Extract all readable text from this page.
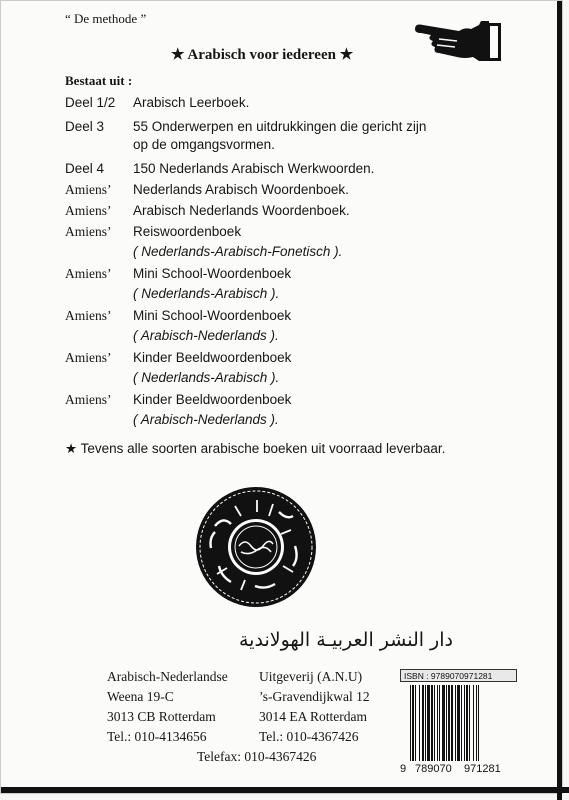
“ De methode ”
★ Arabisch voor iedereen ★
Bestaat uit :
Deel 1/2 Arabisch Leerboek.
Deel 3 55 Onderwerpen en uitdrukkingen die gericht zijn
op de omgangsvormen.
Deel 4 150 Nederlands Arabisch Werkwoorden.
Amiens’ Nederlands Arabisch Woordenboek.
Amiens’ Arabisch Nederlands Woordenboek.
Amiens’ Reiswoordenboek
( Nederlands-Arabisch-Fonetisch ).
Amiens’ Mini School-Woordenboek
( Nederlands-Arabisch ).
Amiens’ Mini School-Woordenboek
( Arabisch-Nederlands ).
Amiens’ Kinder Beeldwoordenboek
( Nederlands-Arabisch ).
Amiens’ Kinder Beeldwoordenboek
( Arabisch-Nederlands ).
★ Tevens alle soorten arabische boeken uit voorraad leverbaar.
دار النشر العربيـة الهولاندية
Arabisch-Nederlandse
Weena 19-C
3013 CB Rotterdam
Tel.: 010-4134656
Uitgeverij (A.N.U)
’s-Gravendijkwal 12
3014 EA Rotterdam
Tel.: 010-4367426
Telefax: 010-4367426
ISBN : 9789070971281
9 789070 971281
